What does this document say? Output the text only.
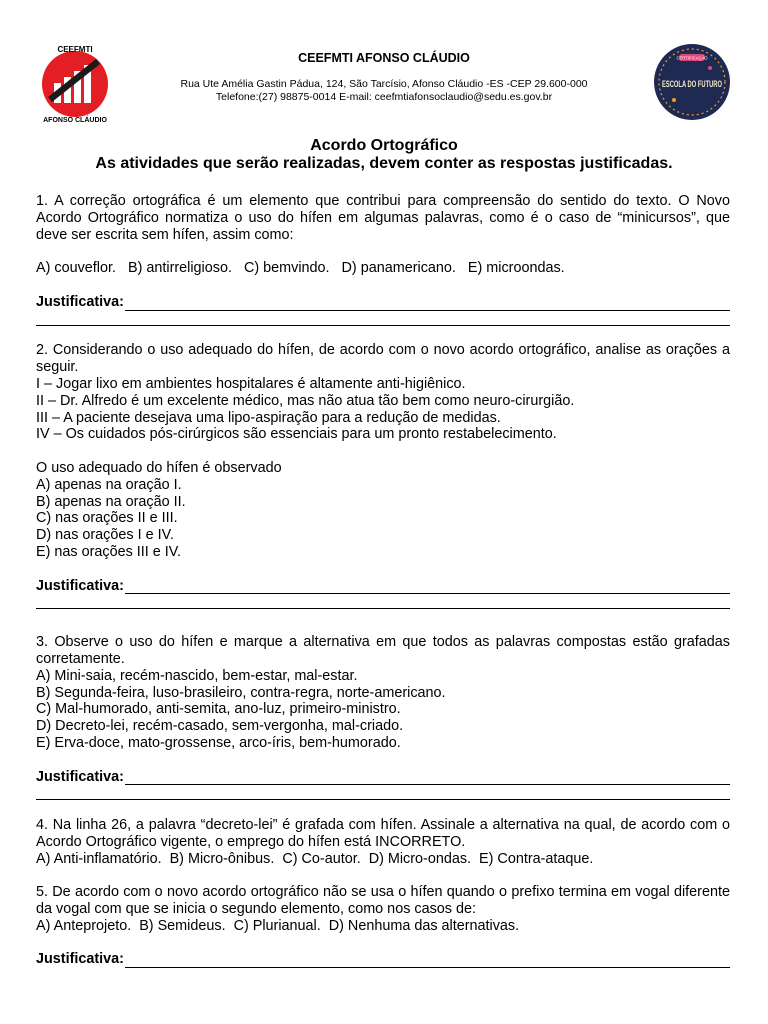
CEEFMTI
AFONSO CLÁUDIO
CEEFMTI AFONSO CLÁUDIO
Rua Ute Amélia Gastin Pádua, 124, São Tarcísio, Afonso Cláudio -ES -CEP 29.600-000
Telefone:(27) 98875-0014 E-mail: ceefmtiafonsoclaudio@sedu.es.gov.br
CERTIFICAÇÃO
ESCOLA DO FUTURO
Acordo Ortográfico
As atividades que serão realizadas, devem conter as respostas justificadas.

1. A correção ortográfica é um elemento que contribui para compreensão do sentido do texto. O Novo Acordo Ortográfico normatiza o uso do hífen em algumas palavras, como é o caso de “minicursos”, que deve ser escrita sem hífen, assim como:

A) couveflor.   B) antirreligioso.   C) bemvindo.   D) panamericano.   E) microondas.
Justificativa:

2. Considerando o uso adequado do hífen, de acordo com o novo acordo ortográfico, analise as orações a seguir.

I – Jogar lixo em ambientes hospitalares é altamente anti-higiênico.
II – Dr. Alfredo é um excelente médico, mas não atua tão bem como neuro-cirurgião.
III – A paciente desejava uma lipo-aspiração para a redução de medidas.
IV – Os cuidados pós-cirúrgicos são essenciais para um pronto restabelecimento.
O uso adequado do hífen é observado
A) apenas na oração I.
B) apenas na oração II.
C) nas orações II e III.
D) nas orações I e IV.
E) nas orações III e IV.
Justificativa:

3. Observe o uso do hífen e marque a alternativa em que todos as palavras compostas estão grafadas corretamente.

A) Mini-saia, recém-nascido, bem-estar, mal-estar.
B) Segunda-feira, luso-brasileiro, contra-regra, norte-americano.
C) Mal-humorado, anti-semita, ano-luz, primeiro-ministro.
D) Decreto-lei, recém-casado, sem-vergonha, mal-criado.
E) Erva-doce, mato-grossense, arco-íris, bem-humorado.
Justificativa:

4. Na linha 26, a palavra “decreto-lei” é grafada com hífen. Assinale a alternativa na qual, de acordo com o Acordo Ortográfico vigente, o emprego do hífen está INCORRETO.

A) Anti-inflamatório.  B) Micro-ônibus.  C) Co-autor.  D) Micro-ondas.  E) Contra-ataque.

5. De acordo com o novo acordo ortográfico não se usa o hífen quando o prefixo termina em vogal diferente da vogal com que se inicia o segundo elemento, como nos casos de:

A) Anteprojeto.  B) Semideus.  C) Plurianual.  D) Nenhuma das alternativas.
Justificativa:
